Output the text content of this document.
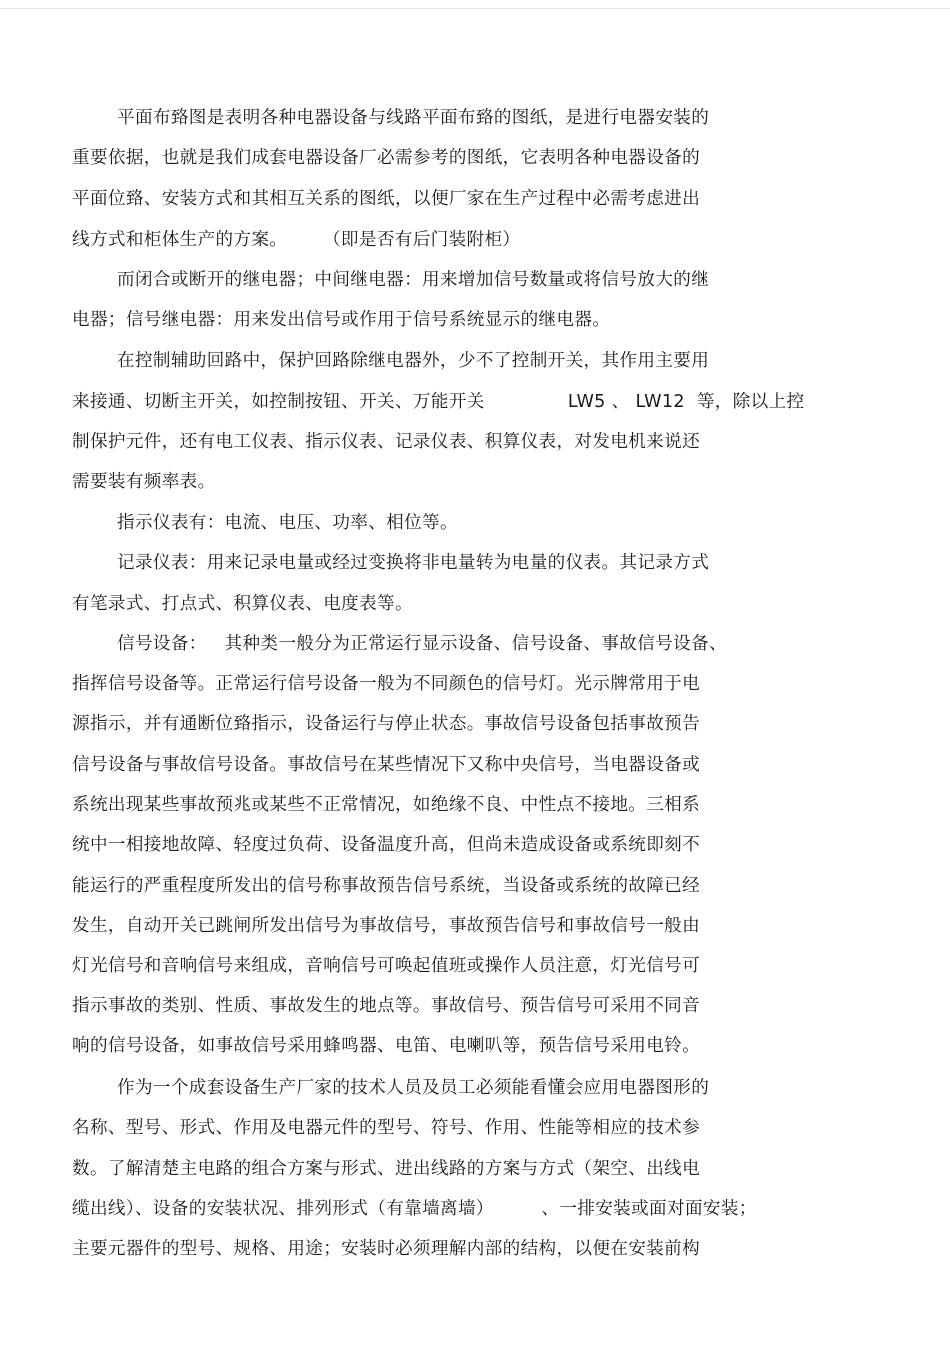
平面布臵图是表明各种电器设备与线路平面布臵的图纸，是进行电器安装的
重要依据，也就是我们成套电器设备厂必需参考的图纸，它表明各种电器设备的
平面位臵、安装方式和其相互关系的图纸，以便厂家在生产过程中必需考虑进出
线方式和柜体生产的方案。      （即是否有后门装附柜）
而闭合或断开的继电器；中间继电器：用来增加信号数量或将信号放大的继
电器；信号继电器：用来发出信号或作用于信号系统显示的继电器。
在控制辅助回路中，保护回路除继电器外，少不了控制开关，其作用主要用
来接通、切断主开关，如控制按钮、开关、万能开关              LW5 、 LW12  等，除以上控
制保护元件，还有电工仪表、指示仪表、记录仪表、积算仪表，对发电机来说还
需要装有频率表。
指示仪表有：电流、电压、功率、相位等。
记录仪表：用来记录电量或经过变换将非电量转为电量的仪表。其记录方式
有笔录式、打点式、积算仪表、电度表等。
信号设备：   其种类一般分为正常运行显示设备、信号设备、事故信号设备、
指挥信号设备等。正常运行信号设备一般为不同颜色的信号灯。光示牌常用于电
源指示，并有通断位臵指示，设备运行与停止状态。事故信号设备包括事故预告
信号设备与事故信号设备。事故信号在某些情况下又称中央信号，当电器设备或
系统出现某些事故预兆或某些不正常情况，如绝缘不良、中性点不接地。三相系
统中一相接地故障、轻度过负荷、设备温度升高，但尚未造成设备或系统即刻不
能运行的严重程度所发出的信号称事故预告信号系统，当设备或系统的故障已经
发生，自动开关已跳闸所发出信号为事故信号，事故预告信号和事故信号一般由
灯光信号和音响信号来组成，音响信号可唤起值班或操作人员注意，灯光信号可
指示事故的类别、性质、事故发生的地点等。事故信号、预告信号可采用不同音
响的信号设备，如事故信号采用蜂鸣器、电笛、电喇叭等，预告信号采用电铃。
作为一个成套设备生产厂家的技术人员及员工必须能看懂会应用电器图形的
名称、型号、形式、作用及电器元件的型号、符号、作用、性能等相应的技术参
数。了解清楚主电路的组合方案与形式、进出线路的方案与方式（架空、出线电
缆出线）、设备的安装状况、排列形式（有靠墙离墙）        、一排安装或面对面安装；
主要元器件的型号、规格、用途；安装时必须理解内部的结构，以便在安装前构
